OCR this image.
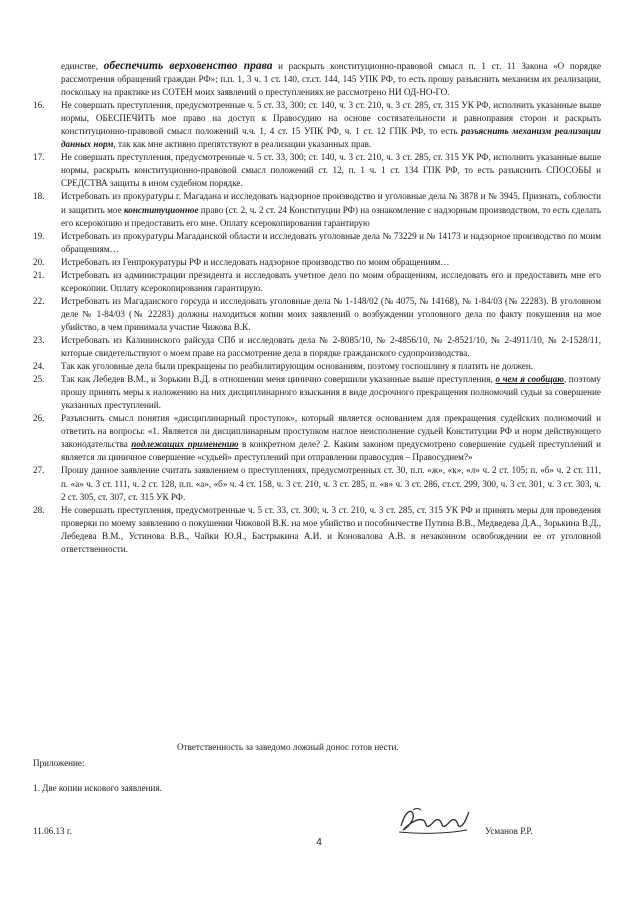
единстве, обеспечить верховенство права и раскрыть конституционно-правовой смысл п. 1 ст. 11 Закона «О порядке рассмотрения обращений граждан РФ»; п.п. 1, 3 ч. 1 ст. 140, ст.ст. 144, 145 УПК РФ, то есть прошу разъяснить механизм их реализации, поскольку на практике из СОТЕН моих заявлений о преступлениях не рассмотрено НИ ОД-НО-ГО.
16.	Не совершать преступления, предусмотренные ч. 5 ст. 33, 300; ст. 140, ч. 3 ст. 210, ч. 3 ст. 285, ст. 315 УК РФ, исполнить указанные выше нормы, ОБЕСПЕЧИТЬ мое право на доступ к Правосудию на основе состязательности и равноправия сторон и раскрыть конституционно-правовой смысл положений ч.ч. 1, 4 ст. 15 УПК РФ, ч. 1 ст. 12 ГПК РФ, то есть разъяснить механизм реализации данных норм, так как мне активно препятствуют в реализации указанных прав.
17.	Не совершать преступления, предусмотренные ч. 5 ст. 33, 300; ст. 140, ч. 3 ст. 210, ч. 3 ст. 285, ст. 315 УК РФ, исполнить указанные выше нормы, раскрыть конституционно-правовой смысл положений ст. 12, п. 1 ч. 1 ст. 134 ГПК РФ, то есть разъяснить СПОСОБЫ и СРЕДСТВА защиты в ином судебном порядке.
18.	Истребовать из прокуратуры г. Магадана и исследовать надзорное производство и уголовные дела № 3878 и № 3945. Признать, соблюсти и защитить мое конституционное право (ст. 2, ч. 2 ст. 24 Конституции РФ) на ознакомление с надзорным производством, то есть сделать его ксерокопию и предоставить его мне. Оплату ксерокопирования гарантирую
19.	Истребовать из прокуратуры Магаданской области и исследовать уголовные дела № 73229 и № 14173 и надзорное производство по моим обращениям…
20.	Истребовать из Генпрокуратуры РФ и исследовать надзорное производство по моим обращениям…
21.	Истребовать из администрации президента и исследовать учетное дело по моим обращениям, исследовать его и предоставить мне его ксерокопии. Оплату ксерокопирования гарантирую.
22.	Истребовать из Магаданского горсуда и исследовать уголовные дела № 1-148/02 (№ 4075, № 14168), № 1-84/03 (№ 22283). В уголовном деле № 1-84/03 (№ 22283) должны находиться копии моих заявлений о возбуждении уголовного дела по факту покушения на мое убийство, в чем принимала участие Чижова В.К.
23.	Истребовать из Калининского райсуда СПб и исследовать дела № 2-8085/10, № 2-4856/10, № 2-8521/10, № 2-4911/10, № 2-1528/11, которые свидетельствуют о моем праве на рассмотрение дела в порядке гражданского судопроизводства.
24.	Так как уголовные дела были прекращены по реабилитирующим основаниям, поэтому госпошлину я платить не должен.
25.	Так как Лебедев В.М., и Зорькин В.Д. в отношении меня цинично совершили указанные выше преступления, о чем я сообщаю, поэтому прошу принять меры к наложению на них дисциплинарного взыскания в виде досрочного прекращения полномочий судьи за совершение указанных преступлений.
26.	Разъяснить смысл понятия «дисциплинарный проступок», который является основанием для прекращения судейских полномочий и ответить на вопросы: «1. Является ли дисциплинарным проступком наглое неисполнение судьей Конституции РФ и норм действующего законодательства подлежащих применению в конкретном деле? 2. Каким законом предусмотрено совершение судьей преступлений и является ли циничное совершение «судьей» преступлений при отправлении правосудия – Правосудием?»
27.	Прошу данное заявление считать заявлением о преступлениях, предусмотренных ст. 30, п.п. «ж», «к», «л» ч. 2 ст. 105; п. «б» ч. 2 ст. 111, п. «а» ч. 3 ст. 111, ч. 2 ст. 128, п.п. «а», «б» ч. 4 ст. 158, ч. 3 ст. 210, ч. 3 ст. 285, п. «в» ч. 3 ст. 286, ст.ст. 299, 300, ч. 3 ст. 301, ч. 3 ст. 303, ч. 2 ст. 305, ст. 307, ст. 315 УК РФ.
28.	Не совершать преступления, предусмотренные ч. 5 ст. 33, ст. 300; ч. 3 ст. 210, ч. 3 ст. 285, ст. 315 УК РФ и принять меры для проведения проверки по моему заявлению о покушении Чижовой В.К. на мое убийство и пособничестве Путина В.В., Медведева Д.А., Зорькина В.Д., Лебедева В.М., Устинова В.В., Чайки Ю.Я., Бастрыкина А.И. и Коновалова А.В. в незаконном освобождении ее от уголовной ответственности.

Ответственность за заведомо ложный донос готов нести.

Приложение:

1. Две копии искового заявления.

11.06.13 г.	Усманов Р.Р.

4
